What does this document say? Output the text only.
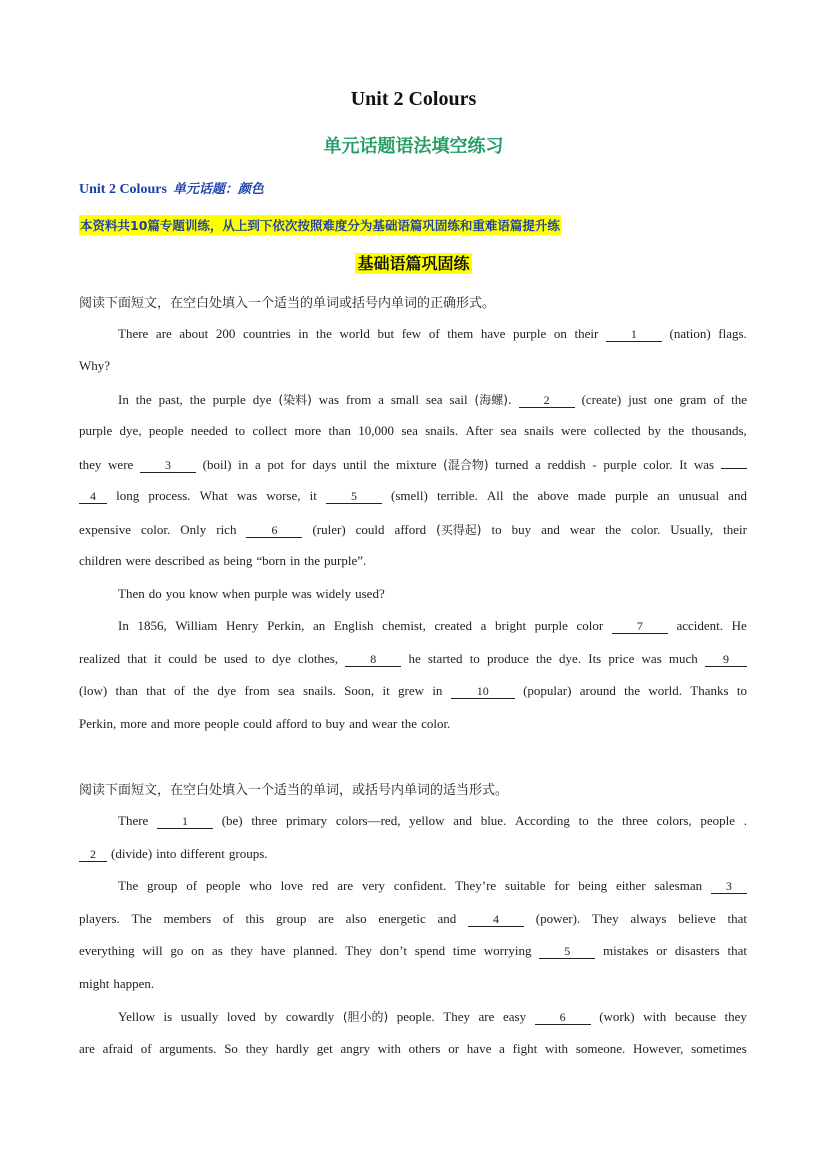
Unit 2 Colours
单元话题语法填空练习
Unit 2 Colours 单元话题：颜色
本资料共10篇专题训练，从上到下依次按照难度分为基础语篇巩固练和重难语篇提升练
基础语篇巩固练
阅读下面短文，在空白处填入一个适当的单词或括号内单词的正确形式。
阅读下面短文，在空白处填入一个适当的单词，或括号内单词的适当形式。
There are about 200 countries in the world but few of them have purple on their	1	(nation) flags.
Why?
In the past, the purple dye (染料) was from a small sea sail (海螺).	2	(create) just one gram of the
purple dye, people needed to collect more than 10,000 sea snails. After sea snails were collected by the thousands,
they were	3	(boil) in a pot for days until the mixture (混合物) turned a reddish - purple color. It was
4	long process. What was worse, it	5	(smell) terrible. All the above made purple an unusual and
expensive color. Only rich	6	(ruler) could afford (买得起) to buy and wear the color. Usually, their
children were described as being “born in the purple”.
Then do you know when purple was widely used?
In 1856, William Henry Perkin, an English chemist, created a bright purple color	7	accident. He
realized that it could be used to dye clothes,	8	he started to produce the dye. Its price was much	9
(low) than that of the dye from sea snails. Soon, it grew in	10	(popular) around the world. Thanks to
Perkin, more and more people could afford to buy and wear the color.
There	1	(be) three primary colors—red, yellow and blue. According to the three colors, people .
2	(divide) into different groups.
The group of people who love red are very confident. They’re suitable for being either salesman	3
players. The members of this group are also energetic and	4	(power). They always believe that
everything will go on as they have planned. They don’t spend time worrying	5	mistakes or disasters that
might happen.
Yellow is usually loved by cowardly (胆小的) people. They are easy	6	(work) with because they
are afraid of arguments. So they hardly get angry with others or have a fight with someone. However, sometimes
